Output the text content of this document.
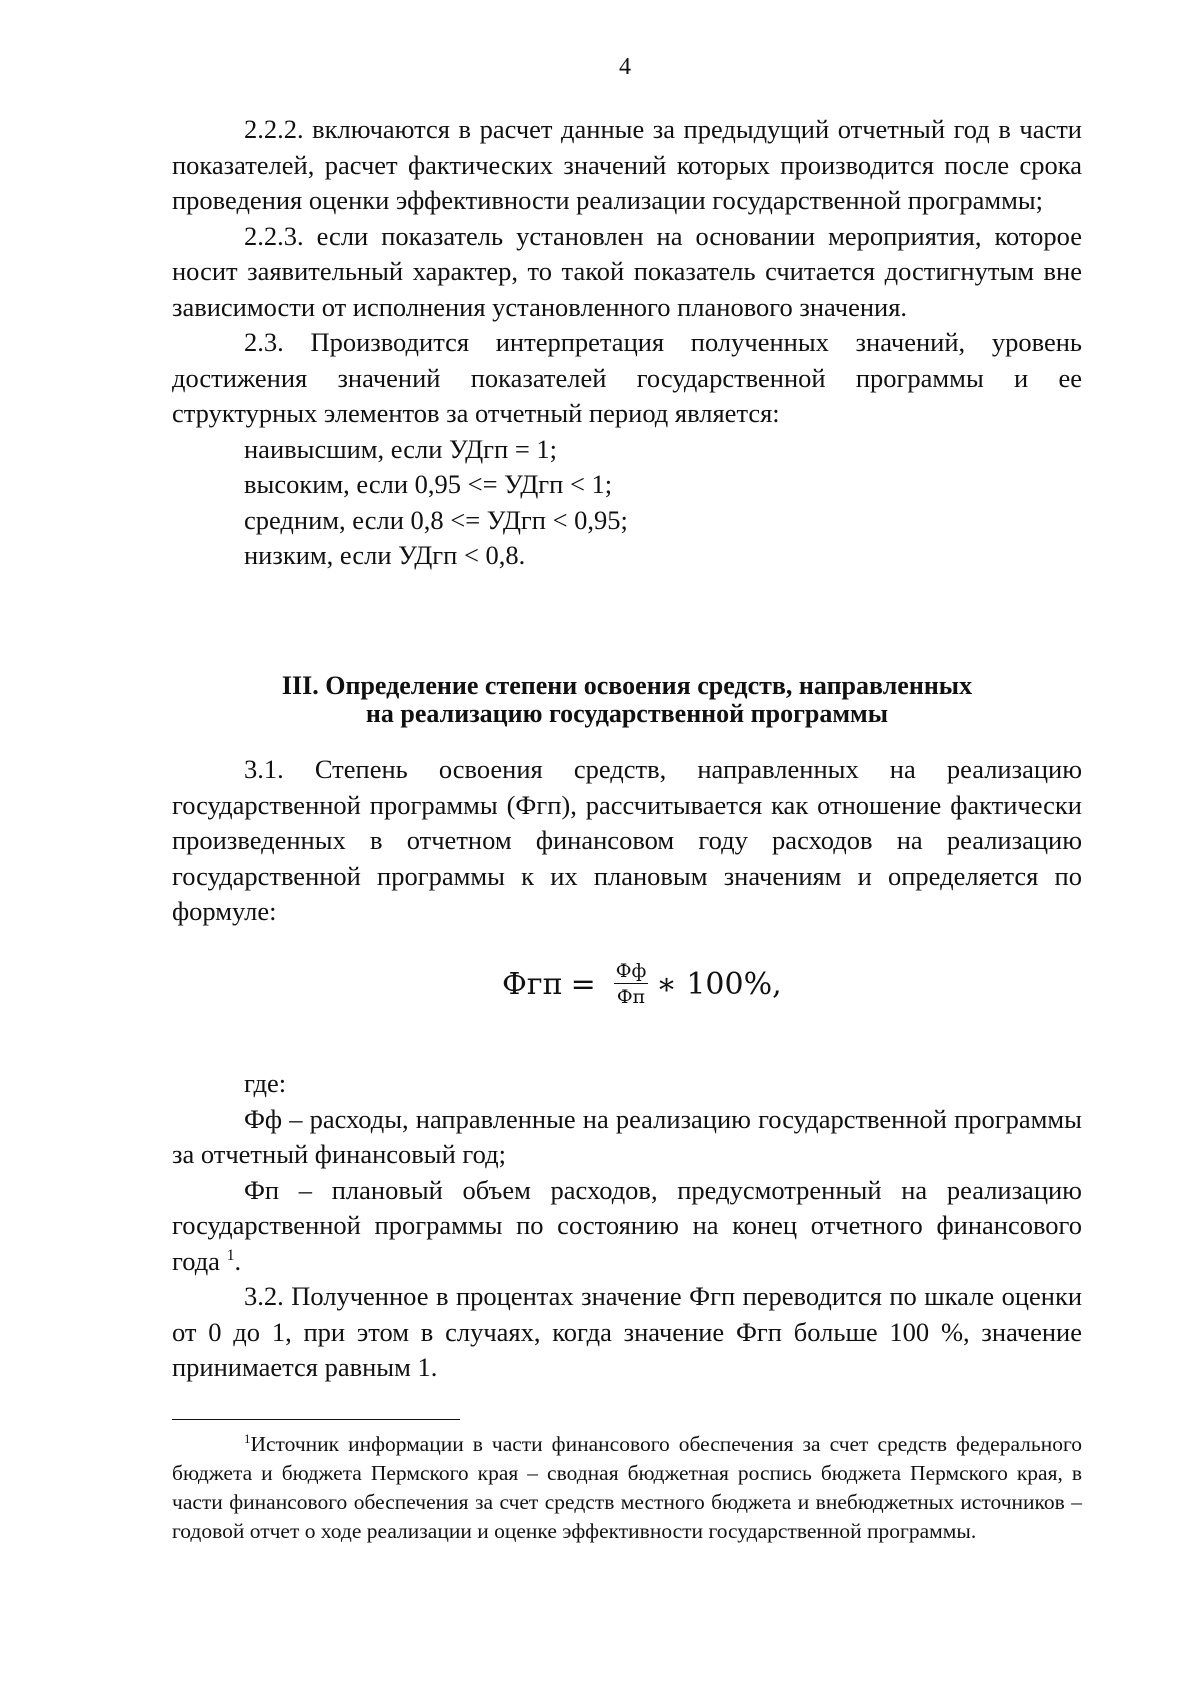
4

2.2.2. включаются в расчет данные за предыдущий отчетный год в части показателей, расчет фактических значений которых производится после срока проведения оценки эффективности реализации государственной программы;

2.2.3. если показатель установлен на основании мероприятия, которое носит заявительный характер, то такой показатель считается достигнутым вне зависимости от исполнения установленного планового значения.

2.3. Производится интерпретация полученных значений, уровень достижения значений показателей государственной программы и ее структурных элементов за отчетный период является:

наивысшим, если УДгп = 1;

высоким, если 0,95 <= УДгп < 1;

средним, если 0,8 <= УДгп < 0,95;

низким, если УДгп < 0,8.

III. Определение степени освоения средств, направленных
на реализацию государственной программы

3.1. Степень освоения средств, направленных на реализацию государственной программы (Фгп), рассчитывается как отношение фактически произведенных в отчетном финансовом году расходов на реализацию государственной программы к их плановым значениям и определяется по формуле:

Фгп = $\frac{Фф}{Фп}$ ∗ 100%,

где:

Фф – расходы, направленные на реализацию государственной программы за отчетный финансовый год;

Фп – плановый объем расходов, предусмотренный на реализацию государственной программы по состоянию на конец отчетного финансового года $^1$.

3.2. Полученное в процентах значение Фгп переводится по шкале оценки от 0 до 1, при этом в случаях, когда значение Фгп больше 100 %, значение принимается равным 1.

$^1$Источник информации в части финансового обеспечения за счет средств федерального бюджета и бюджета Пермского края – сводная бюджетная роспись бюджета Пермского края, в части финансового обеспечения за счет средств местного бюджета и внебюджетных источников – годовой отчет о ходе реализации и оценке эффективности государственной программы.
